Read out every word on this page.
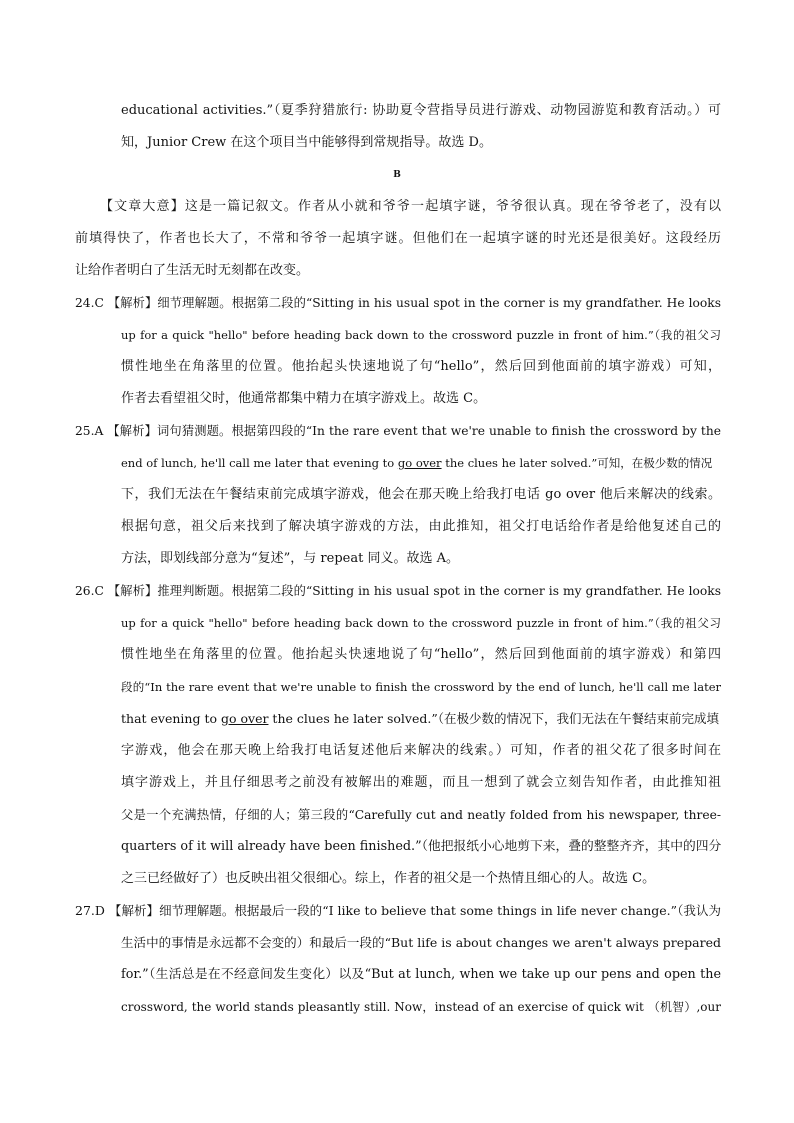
educational activities.”（夏季狩猎旅行: 协助夏令营指导员进行游戏、动物园游览和教育活动。）可
知，Junior Crew 在这个项目当中能够得到常规指导。故选 D。
B
【文章大意】这是一篇记叙文。作者从小就和爷爷一起填字谜，爷爷很认真。现在爷爷老了，没有以
前填得快了，作者也长大了，不常和爷爷一起填字谜。但他们在一起填字谜的时光还是很美好。这段经历
让给作者明白了生活无时无刻都在改变。
24.C 【解析】细节理解题。根据第二段的“Sitting in his usual spot in the corner is my grandfather. He looks
up for a quick "hello" before heading back down to the crossword puzzle in front of him.”（我的祖父习
惯性地坐在角落里的位置。他抬起头快速地说了句“hello”，然后回到他面前的填字游戏）可知，
作者去看望祖父时，他通常都集中精力在填字游戏上。故选 C。
25.A 【解析】词句猜测题。根据第四段的“In the rare event that we're unable to finish the crossword by the
end of lunch, he'll call me later that evening to go over the clues he later solved.”可知，在极少数的情况
下，我们无法在午餐结束前完成填字游戏，他会在那天晚上给我打电话 go over 他后来解决的线索。
根据句意，祖父后来找到了解决填字游戏的方法，由此推知，祖父打电话给作者是给他复述自己的
方法，即划线部分意为“复述”，与 repeat 同义。故选 A。
26.C 【解析】推理判断题。根据第二段的“Sitting in his usual spot in the corner is my grandfather. He looks
up for a quick "hello" before heading back down to the crossword puzzle in front of him.”（我的祖父习
惯性地坐在角落里的位置。他抬起头快速地说了句“hello”，然后回到他面前的填字游戏）和第四
段的“In the rare event that we're unable to finish the crossword by the end of lunch, he'll call me later
that evening to go over the clues he later solved.”（在极少数的情况下，我们无法在午餐结束前完成填
字游戏，他会在那天晚上给我打电话复述他后来解决的线索。）可知，作者的祖父花了很多时间在
填字游戏上，并且仔细思考之前没有被解出的难题，而且一想到了就会立刻告知作者，由此推知祖
父是一个充满热情，仔细的人；第三段的“Carefully cut and neatly folded from his newspaper, three-
quarters of it will already have been finished.”（他把报纸小心地剪下来，叠的整整齐齐，其中的四分
之三已经做好了）也反映出祖父很细心。综上，作者的祖父是一个热情且细心的人。故选 C。
27.D 【解析】细节理解题。根据最后一段的“I like to believe that some things in life never change.”（我认为
生活中的事情是永远都不会变的）和最后一段的“But life is about changes we aren't always prepared
for.”（生活总是在不经意间发生变化）以及“But at lunch, when we take up our pens and open the
crossword, the world stands pleasantly still. Now，instead of an exercise of quick wit （机智）,our
